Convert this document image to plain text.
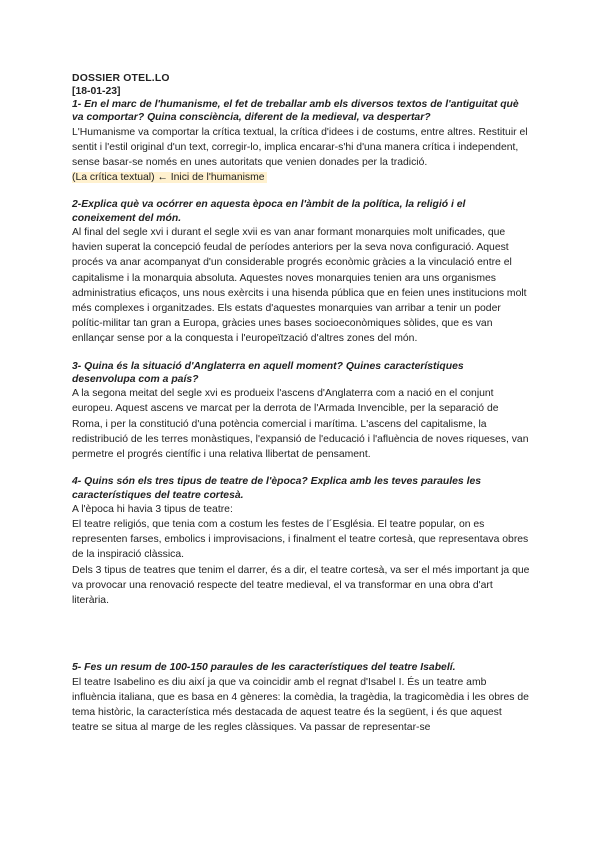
DOSSIER OTEL.LO
[18-01-23]

1- En el marc de l'humanisme, el fet de treballar amb els diversos textos de l'antiguitat què va comportar? Quina consciència, diferent de la medieval, va despertar?

L'Humanisme va comportar la crítica textual, la crítica d'idees i de costums, entre altres. Restituir el sentit i l'estil original d'un text, corregir-lo, implica encarar-s'hi d'una manera crítica i independent, sense basar-se només en unes autoritats que venien donades per la tradició.

(La crítica textual) ← Inici de l'humanisme

2-Explica què va ocórrer en aquesta època en l'àmbit de la política, la religió i el coneixement del món.

Al final del segle xvi i durant el segle xvii es van anar formant monarquies molt unificades, que havien superat la concepció feudal de períodes anteriors per la seva nova configuració. Aquest procés va anar acompanyat d'un considerable progrés econòmic gràcies a la vinculació entre el capitalisme i la monarquia absoluta. Aquestes noves monarquies tenien ara uns organismes administratius eficaços, uns nous exèrcits i una hisenda pública que en feien unes institucions molt més complexes i organitzades. Els estats d'aquestes monarquies van arribar a tenir un poder polític-militar tan gran a Europa, gràcies unes bases socioeconòmiques sòlides, que es van enllançar sense por a la conquesta i l'europeïtzació d'altres zones del món.

3- Quina és la situació d'Anglaterra en aquell moment? Quines característiques desenvolupa com a país?

A la segona meitat del segle xvi es produeix l'ascens d'Anglaterra com a nació en el conjunt europeu. Aquest ascens ve marcat per la derrota de l'Armada Invencible, per la separació de Roma, i per la constitució d'una potència comercial i marítima. L'ascens del capitalisme, la redistribució de les terres monàstiques, l'expansió de l'educació i l'afluència de noves riqueses, van permetre el progrés científic i una relativa llibertat de pensament.

4- Quins són els tres tipus de teatre de l'època? Explica amb les teves paraules les característiques del teatre cortesà.

A l'època hi havia 3 tipus de teatre:

El teatre religiós, que tenia com a costum les festes de l´Església. El teatre popular, on es representen farses, embolics i improvisacions, i finalment el teatre cortesà, que representava obres de la inspiració clàssica.

Dels 3 tipus de teatres que tenim el darrer, és a dir, el teatre cortesà, va ser el més important ja que va provocar una renovació respecte del teatre medieval, el va transformar en una obra d'art literària.

5- Fes un resum de 100-150 paraules de les característiques del teatre Isabelí.

El teatre Isabelino es diu així ja que va coincidir amb el regnat d'Isabel I. És un teatre amb influència italiana, que es basa en 4 gèneres: la comèdia, la tragèdia, la tragicomèdia i les obres de tema històric, la característica més destacada de aquest teatre és la següent, i és que aquest teatre se situa al marge de les regles clàssiques. Va passar de representar-se
